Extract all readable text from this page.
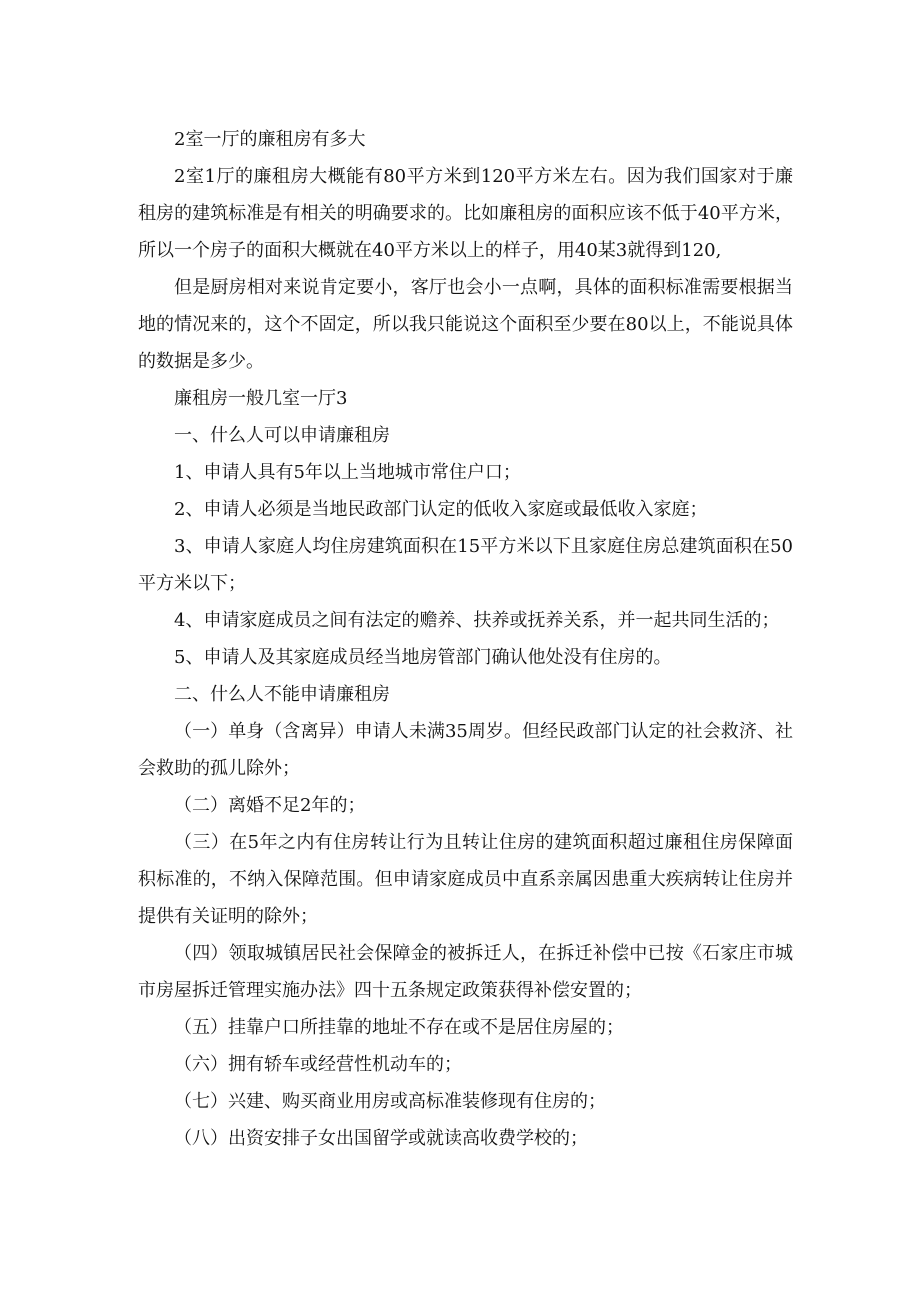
2室一厅的廉租房有多大

2室1厅的廉租房大概能有80平方米到120平方米左右。因为我们国家对于廉租房的建筑标准是有相关的明确要求的。比如廉租房的面积应该不低于40平方米，所以一个房子的面积大概就在40平方米以上的样子，用40某3就得到120,

但是厨房相对来说肯定要小，客厅也会小一点啊，具体的面积标准需要根据当地的情况来的，这个不固定，所以我只能说这个面积至少要在80以上，不能说具体的数据是多少。

廉租房一般几室一厅3

一、什么人可以申请廉租房

1、申请人具有5年以上当地城市常住户口；

2、申请人必须是当地民政部门认定的低收入家庭或最低收入家庭；

3、申请人家庭人均住房建筑面积在15平方米以下且家庭住房总建筑面积在50平方米以下；

4、申请家庭成员之间有法定的赡养、扶养或抚养关系，并一起共同生活的；

5、申请人及其家庭成员经当地房管部门确认他处没有住房的。

二、什么人不能申请廉租房

（一）单身（含离异）申请人未满35周岁。但经民政部门认定的社会救济、社会救助的孤儿除外；

（二）离婚不足2年的；

（三）在5年之内有住房转让行为且转让住房的建筑面积超过廉租住房保障面积标准的，不纳入保障范围。但申请家庭成员中直系亲属因患重大疾病转让住房并提供有关证明的除外；

（四）领取城镇居民社会保障金的被拆迁人，在拆迁补偿中已按《石家庄市城市房屋拆迁管理实施办法》四十五条规定政策获得补偿安置的；

（五）挂靠户口所挂靠的地址不存在或不是居住房屋的；

（六）拥有轿车或经营性机动车的；

（七）兴建、购买商业用房或高标准装修现有住房的；

（八）出资安排子女出国留学或就读高收费学校的；
